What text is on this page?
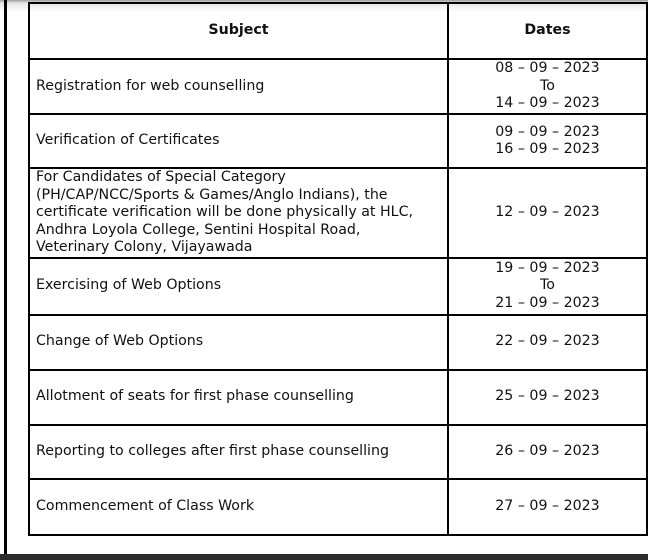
Subject	Dates

Registration for web counselling	08 – 09 – 2023
To
14 – 09 – 2023

Verification of Certificates	09 – 09 – 2023
16 – 09 – 2023

For Candidates of Special Category
(PH/CAP/NCC/Sports & Games/Anglo Indians), the
certificate verification will be done physically at HLC,
Andhra Loyola College, Sentini Hospital Road,
Veterinary Colony, Vijayawada	12 – 09 – 2023

Exercising of Web Options	19 – 09 – 2023
To
21 – 09 – 2023

Change of Web Options	22 – 09 – 2023

Allotment of seats for first phase counselling	25 – 09 – 2023

Reporting to colleges after first phase counselling	26 – 09 – 2023

Commencement of Class Work	27 – 09 – 2023
